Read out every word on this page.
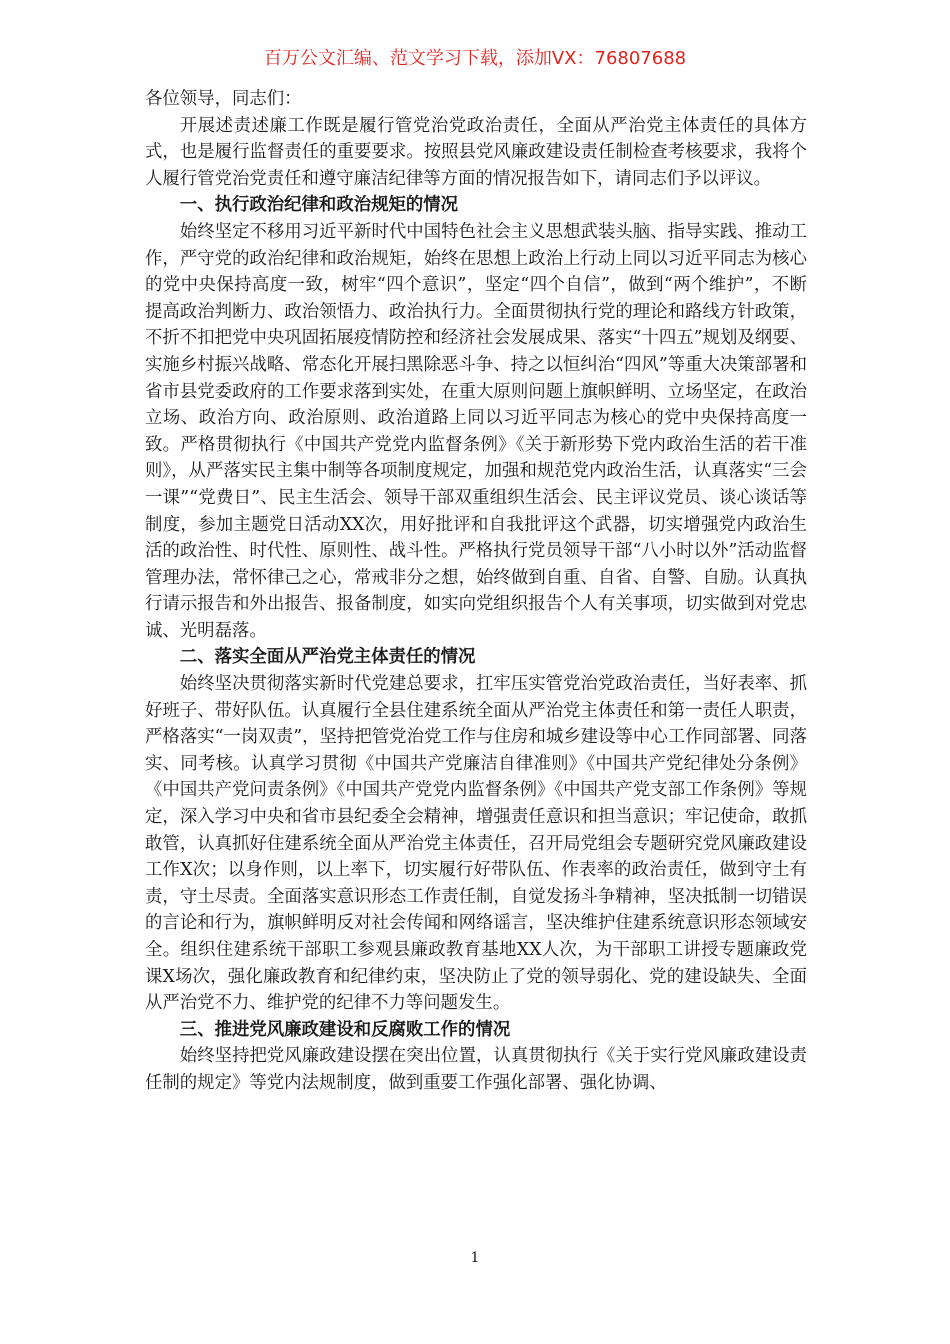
百万公文汇编、范文学习下载，添加VX：76807688

各位领导，同志们：

开展述责述廉工作既是履行管党治党政治责任，全面从严治党主体责任的具体方式，也是履行监督责任的重要要求。按照县党风廉政建设责任制检查考核要求，我将个人履行管党治党责任和遵守廉洁纪律等方面的情况报告如下，请同志们予以评议。

一、执行政治纪律和政治规矩的情况

始终坚定不移用习近平新时代中国特色社会主义思想武装头脑、指导实践、推动工作，严守党的政治纪律和政治规矩，始终在思想上政治上行动上同以习近平同志为核心的党中央保持高度一致，树牢“四个意识”，坚定“四个自信”，做到“两个维护”，不断提高政治判断力、政治领悟力、政治执行力。全面贯彻执行党的理论和路线方针政策，不折不扣把党中央巩固拓展疫情防控和经济社会发展成果、落实“十四五”规划及纲要、实施乡村振兴战略、常态化开展扫黑除恶斗争、持之以恒纠治“四风”等重大决策部署和省市县党委政府的工作要求落到实处，在重大原则问题上旗帜鲜明、立场坚定，在政治立场、政治方向、政治原则、政治道路上同以习近平同志为核心的党中央保持高度一致。严格贯彻执行《中国共产党党内监督条例》《关于新形势下党内政治生活的若干准则》，从严落实民主集中制等各项制度规定，加强和规范党内政治生活，认真落实“三会一课”“党费日”、民主生活会、领导干部双重组织生活会、民主评议党员、谈心谈话等制度，参加主题党日活动XX次，用好批评和自我批评这个武器，切实增强党内政治生活的政治性、时代性、原则性、战斗性。严格执行党员领导干部“八小时以外”活动监督管理办法，常怀律己之心，常戒非分之想，始终做到自重、自省、自警、自励。认真执行请示报告和外出报告、报备制度，如实向党组织报告个人有关事项，切实做到对党忠诚、光明磊落。

二、落实全面从严治党主体责任的情况

始终坚决贯彻落实新时代党建总要求，扛牢压实管党治党政治责任，当好表率、抓好班子、带好队伍。认真履行全县住建系统全面从严治党主体责任和第一责任人职责，严格落实“一岗双责”，坚持把管党治党工作与住房和城乡建设等中心工作同部署、同落实、同考核。认真学习贯彻《中国共产党廉洁自律准则》《中国共产党纪律处分条例》《中国共产党问责条例》《中国共产党党内监督条例》《中国共产党支部工作条例》等规定，深入学习中央和省市县纪委全会精神，增强责任意识和担当意识；牢记使命，敢抓敢管，认真抓好住建系统全面从严治党主体责任，召开局党组会专题研究党风廉政建设工作X次；以身作则，以上率下，切实履行好带队伍、作表率的政治责任，做到守土有责，守土尽责。全面落实意识形态工作责任制，自觉发扬斗争精神，坚决抵制一切错误的言论和行为，旗帜鲜明反对社会传闻和网络谣言，坚决维护住建系统意识形态领域安全。组织住建系统干部职工参观县廉政教育基地XX人次，为干部职工讲授专题廉政党课X场次，强化廉政教育和纪律约束，坚决防止了党的领导弱化、党的建设缺失、全面从严治党不力、维护党的纪律不力等问题发生。

三、推进党风廉政建设和反腐败工作的情况

始终坚持把党风廉政建设摆在突出位置，认真贯彻执行《关于实行党风廉政建设责任制的规定》等党内法规制度，做到重要工作强化部署、强化协调、

1
